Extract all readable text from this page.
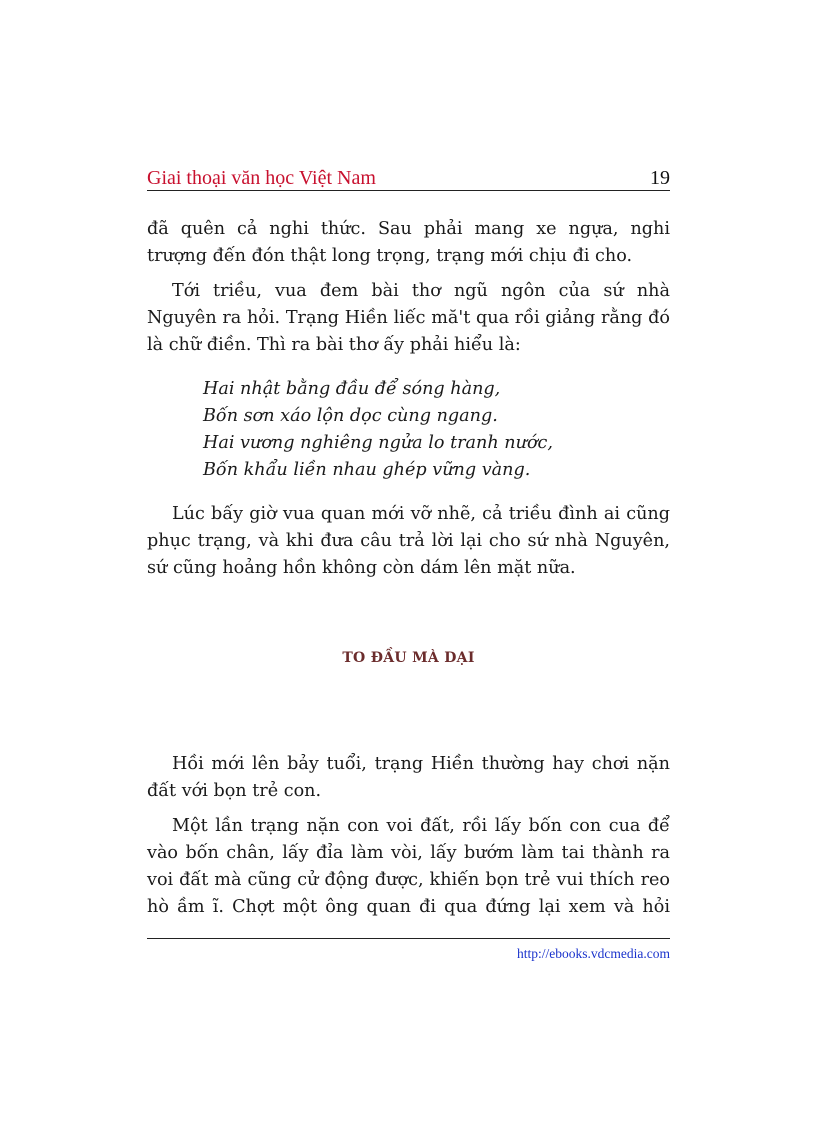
Giai thoại văn học Việt Nam	19

đã quên cả nghi thức. Sau phải mang xe ngựa, nghi trượng đến đón thật long trọng, trạng mới chịu đi cho.

Tới triều, vua đem bài thơ ngũ ngôn của sứ nhà Nguyên ra hỏi. Trạng Hiền liếc mă't qua rồi giảng rằng đó là chữ điền. Thì ra bài thơ ấy phải hiểu là:

Hai nhật bằng đầu để sóng hàng,
Bốn sơn xáo lộn dọc cùng ngang.
Hai vương nghiêng ngửa lo tranh nước,
Bốn khẩu liền nhau ghép vững vàng.

Lúc bấy giờ vua quan mới vỡ nhẽ, cả triều đình ai cũng phục trạng, và khi đưa câu trả lời lại cho sứ nhà Nguyên, sứ cũng hoảng hồn không còn dám lên mặt nữa.

TO ĐẦU MÀ DẠI

Hồi mới lên bảy tuổi, trạng Hiền thường hay chơi nặn đất với bọn trẻ con.

Một lần trạng nặn con voi đất, rồi lấy bốn con cua để vào bốn chân, lấy đỉa làm vòi, lấy bướm làm tai thành ra voi đất mà cũng cử động được, khiến bọn trẻ vui thích reo hò ầm ĩ. Chợt một ông quan đi qua đứng lại xem và hỏi

http://ebooks.vdcmedia.com
